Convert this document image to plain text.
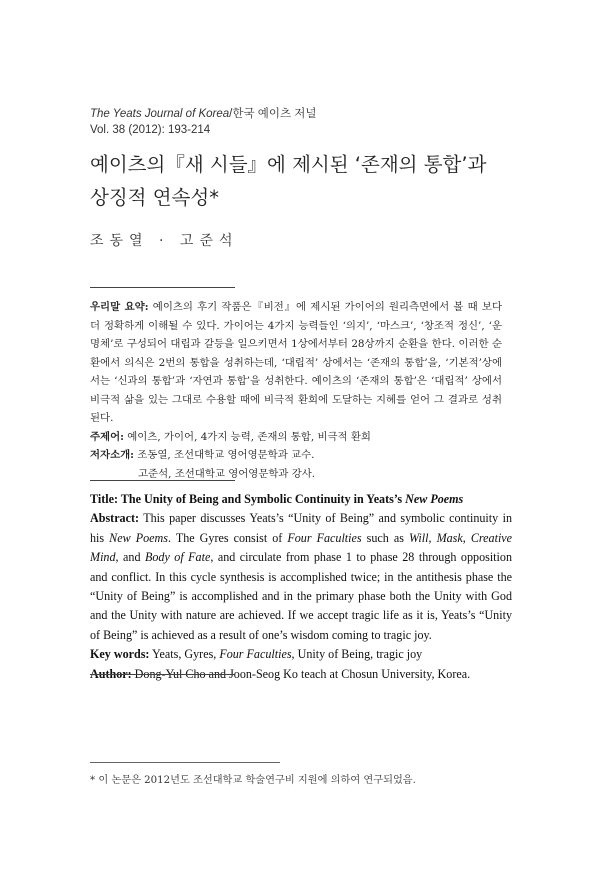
The Yeats Journal of Korea/한국 예이츠 저널
Vol. 38 (2012): 193-214
예이츠의『새 시들』에 제시된 ‘존재의 통합’과
상징적 연속성*
조동열 · 고준석

우리말 요약: 예이츠의 후기 작품은『비전』에 제시된 가이어의 원리측면에서 볼 때 보다 더 정확하게 이해될 수 있다. 가이어는 4가지 능력들인 ‘의지’, ‘마스크’, ‘창조적 정신’, ‘운명체’로 구성되어 대립과 갈등을 일으키면서 1상에서부터 28상까지 순환을 한다. 이러한 순환에서 의식은 2번의 통합을 성취하는데, ‘대립적’ 상에서는 ‘존재의 통합’을, ‘기본적’상에서는 ‘신과의 통합’과 ‘자연과 통합’을 성취한다. 예이츠의 ‘존재의 통합’은 ‘대립적’ 상에서 비극적 삶을 있는 그대로 수용할 때에 비극적 환희에 도달하는 지혜를 얻어 그 결과로 성취된다.

주제어: 예이츠, 가이어, 4가지 능력, 존재의 통합, 비극적 환희

저자소개: 조동열, 조선대학교 영어영문학과 교수.

고준석, 조선대학교 영어영문학과 강사.

Title: The Unity of Being and Symbolic Continuity in Yeats’s New Poems

Abstract: This paper discusses Yeats’s “Unity of Being” and symbolic continuity in his New Poems. The Gyres consist of Four Faculties such as Will, Mask, Creative Mind, and Body of Fate, and circulate from phase 1 to phase 28 through opposition and conflict. In this cycle synthesis is accomplished twice; in the antithesis phase the “Unity of Being” is accomplished and in the primary phase both the Unity with God and the Unity with nature are achieved. If we accept tragic life as it is, Yeats’s “Unity of Being” is achieved as a result of one’s wisdom coming to tragic joy.

Key words: Yeats, Gyres, Four Faculties, Unity of Being, tragic joy

Author: Dong-Yul Cho and Joon-Seog Ko teach at Chosun University, Korea.

* 이 논문은 2012년도 조선대학교 학술연구비 지원에 의하여 연구되었음.
